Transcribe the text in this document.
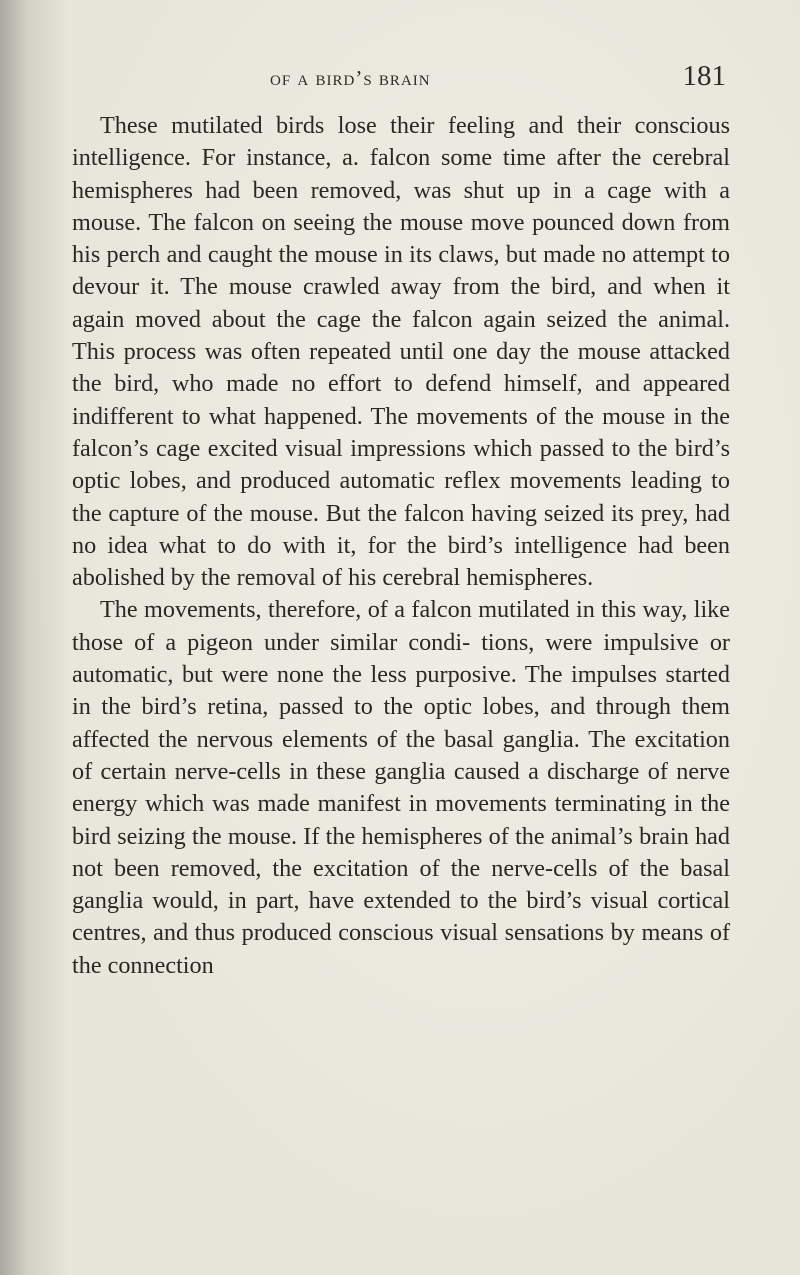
of a bird’s brain	181

These mutilated birds lose their feeling and their conscious intelligence. For instance, a. falcon some time after the cerebral hemispheres had been removed, was shut up in a cage with a mouse. The falcon on seeing the mouse move pounced down from his perch and caught the mouse in its claws, but made no attempt to devour it. The mouse crawled away from the bird, and when it again moved about the cage the falcon again seized the animal. This process was often repeated until one day the mouse attacked the bird, who made no effort to defend himself, and appeared indifferent to what happened. The movements of the mouse in the falcon’s cage excited visual impressions which passed to the bird’s optic lobes, and produced automatic reflex movements leading to the capture of the mouse. But the falcon having seized its prey, had no idea what to do with it, for the bird’s intelligence had been abolished by the removal of his cerebral hemispheres.

The movements, therefore, of a falcon mutilated in this way, like those of a pigeon under similar condi- tions, were impulsive or automatic, but were none the less purposive. The impulses started in the bird’s retina, passed to the optic lobes, and through them affected the nervous elements of the basal ganglia. The excitation of certain nerve-cells in these ganglia caused a discharge of nerve energy which was made manifest in movements terminating in the bird seizing the mouse. If the hemispheres of the animal’s brain had not been removed, the excitation of the nerve-cells of the basal ganglia would, in part, have extended to the bird’s visual cortical centres, and thus produced conscious visual sensations by means of the connection
